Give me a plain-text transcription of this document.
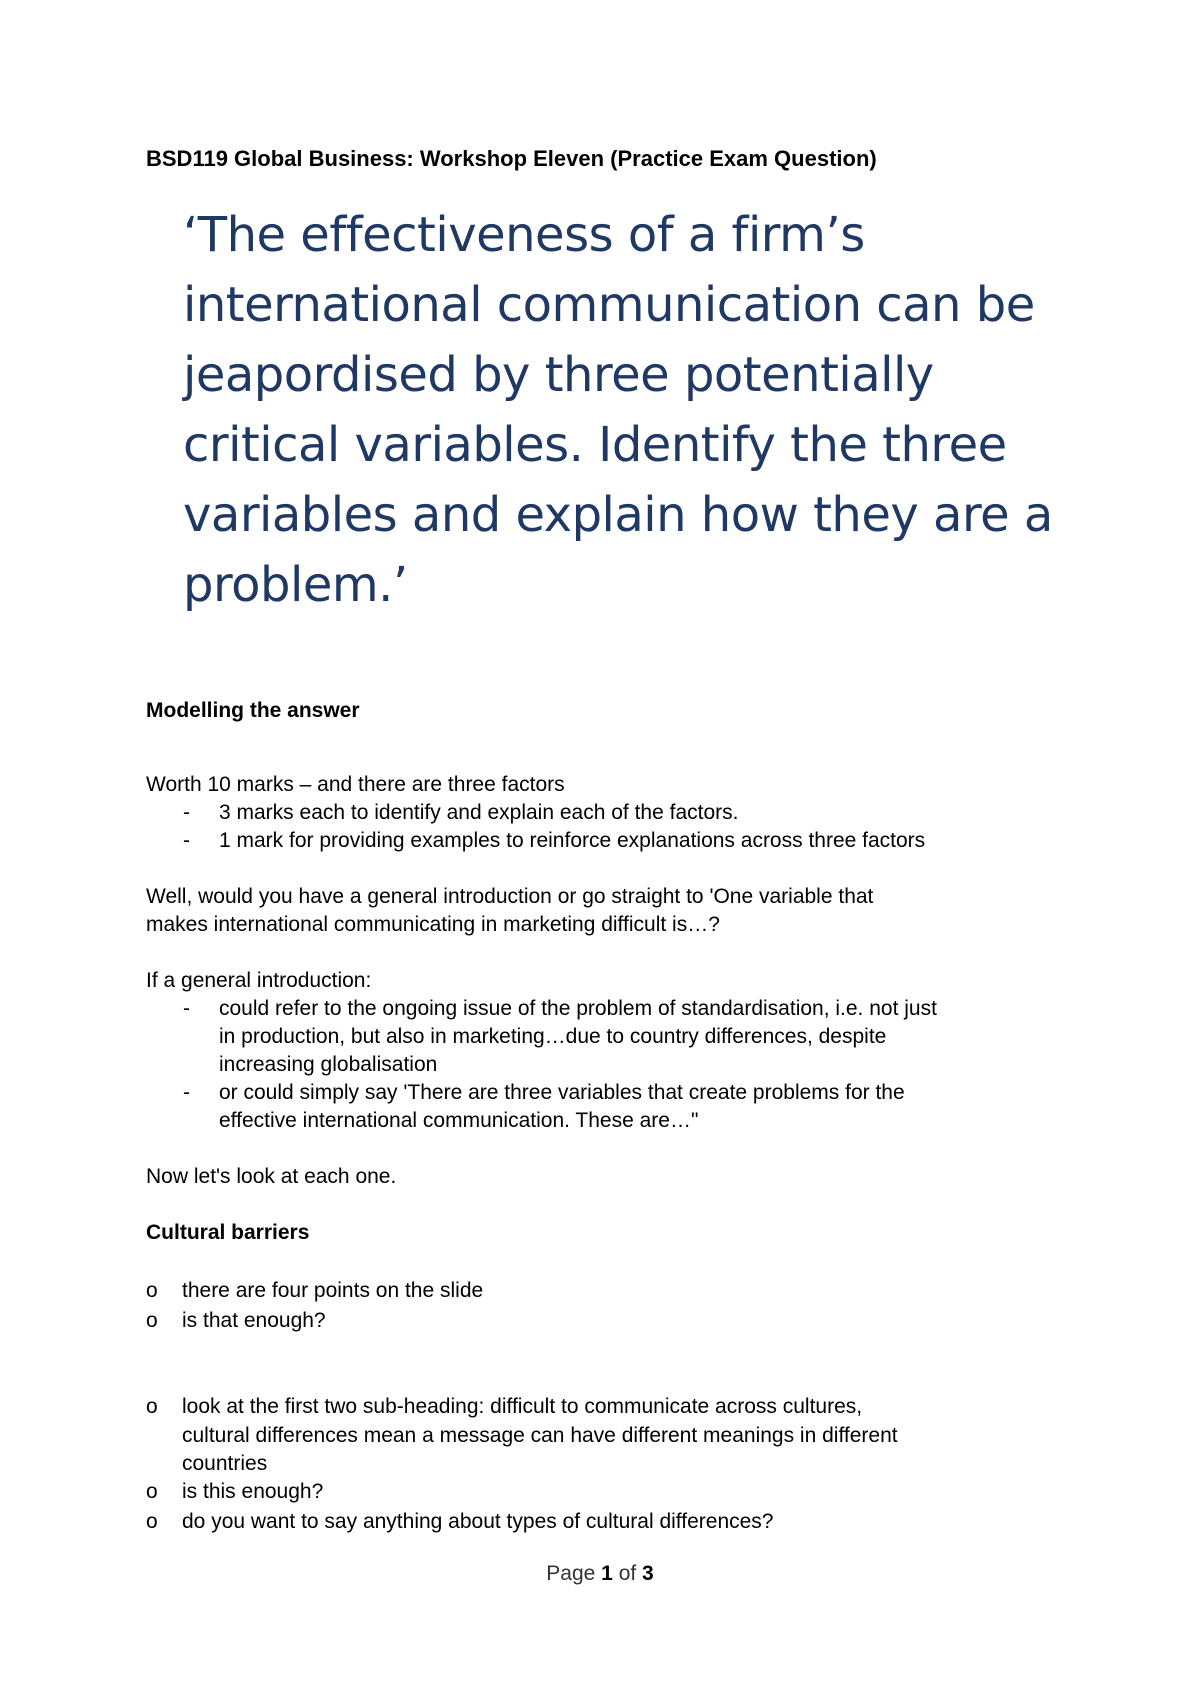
BSD119 Global Business: Workshop Eleven (Practice Exam Question)
‘The effectiveness of a firm’s
international communication can be
jeapordised by three potentially
critical variables. Identify the three
variables and explain how they are a
problem.’
Modelling the answer
Worth 10 marks – and there are three factors
- 3 marks each to identify and explain each of the factors.
- 1 mark for providing examples to reinforce explanations across three factors
Well, would you have a general introduction or go straight to 'One variable that
makes international communicating in marketing difficult is…?
If a general introduction:
- could refer to the ongoing issue of the problem of standardisation, i.e. not just
in production, but also in marketing…due to country differences, despite
increasing globalisation
- or could simply say 'There are three variables that create problems for the
effective international communication. These are…"
Now let's look at each one.
Cultural barriers
o there are four points on the slide
o is that enough?
o look at the first two sub-heading: difficult to communicate across cultures,
cultural differences mean a message can have different meanings in different
countries
o is this enough?
o do you want to say anything about types of cultural differences?
Page 1 of 3
